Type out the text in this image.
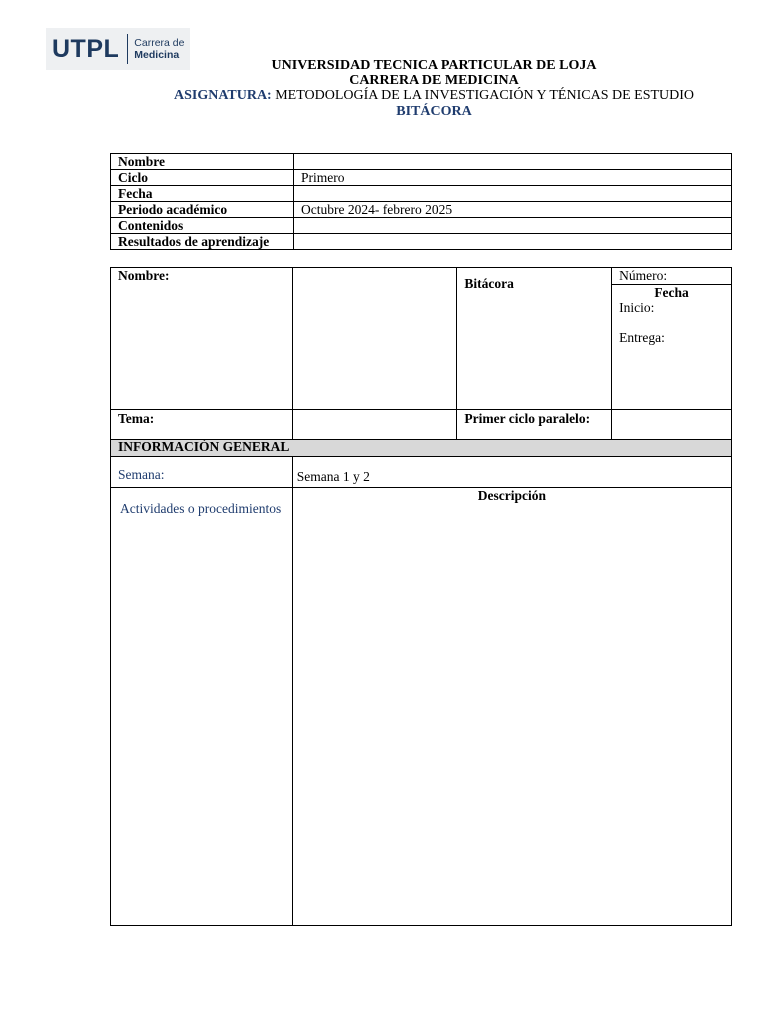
UTPL Carrera de
Medicina
UNIVERSIDAD TECNICA PARTICULAR DE LOJA
CARRERA DE MEDICINA
ASIGNATURA: METODOLOGÍA DE LA INVESTIGACIÓN Y TÉNICAS DE ESTUDIO
BITÁCORA
Nombre	
Ciclo	Primero
Fecha	
Periodo académico	Octubre 2024- febrero 2025
Contenidos	
Resultados de aprendizaje	
Nombre:		Bitácora	Número:

			Fecha
Inicio:
Entrega:

Tema:		Primer ciclo paralelo:	
INFORMACIÓN GENERAL			
Semana:	Semana 1 y 2		
Actividades o procedimientos	Descripción		
